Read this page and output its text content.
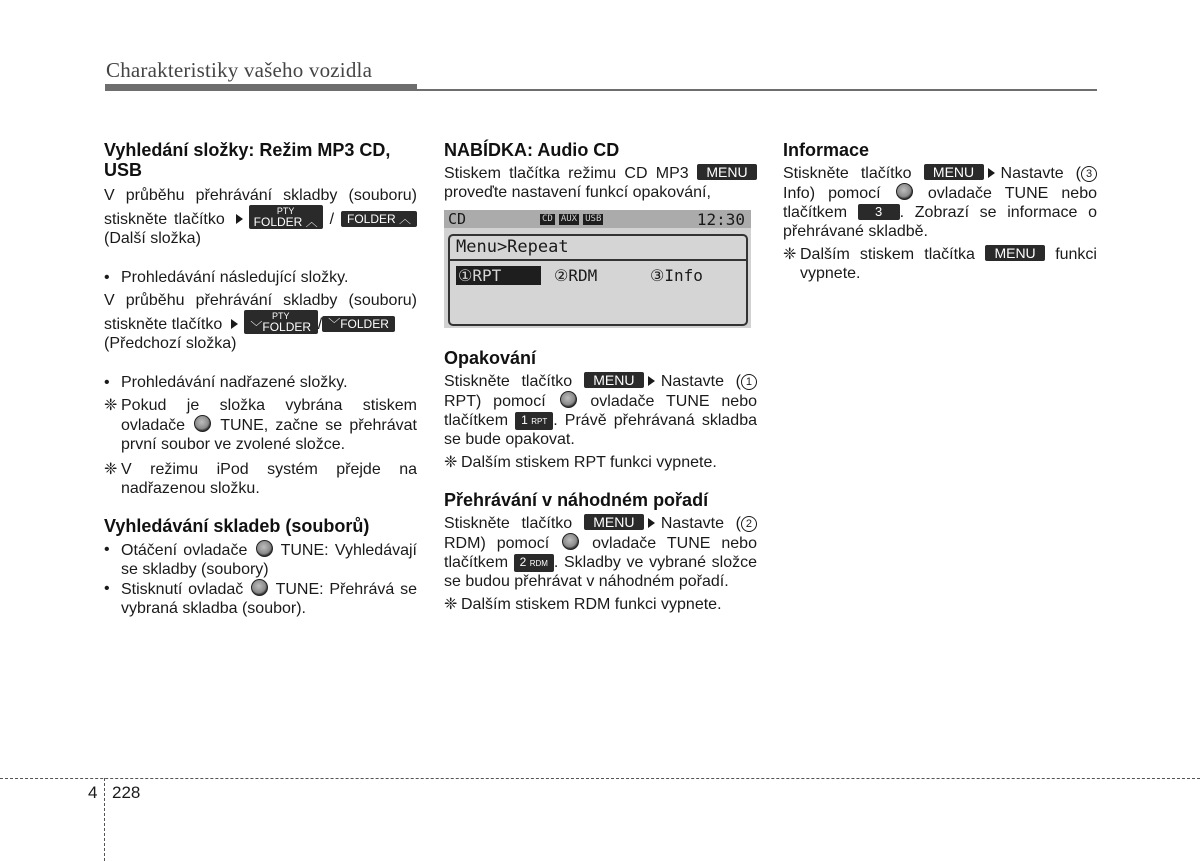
Charakteristiky vašeho vozidla
Vyhledání složky: Režim MP3 CD, USB

V průběhu přehrávání skladby (souboru) stiskněte tlačítko	PTY
FOLDER ︿ / FOLDER ︿ (Další složka)

• Prohledávání následující složky.

V průběhu přehrávání skladby (souboru) stiskněte tlačítko	PTY
﹀FOLDER / ﹀FOLDER
(Předchozí složka)

• Prohledávání nadřazené složky.
❈ Pokud je složka vybrána stiskem ovladače TUNE, začne se přehrávat první soubor ve zvolené složce.
❈ V režimu iPod systém přejde na nadřazenou složku.
Vyhledávání skladeb (souborů)
• Otáčení ovladače TUNE: Vyhledávají se skladby (soubory)
• Stisknutí ovladač TUNE: Přehrává se vybraná skladba (soubor).
NABÍDKA: Audio CD

Stiskem tlačítka režimu CD MP3 MENU proveďte nastavení funkcí opakování,

CD	CD AUX USB	12:30
Menu>Repeat
①RPT	②RDM	③Info
Opakování

Stiskněte tlačítko MENU Nastavte ( 1RPT) pomocí	ovladače TUNE nebo tlačítkem 1 RPT . Právě přehrávaná skladba se bude opakovat.

❈ Dalším stiskem RPT funkci vypnete.
Přehrávání v náhodném pořadí

Stiskněte tlačítko MENU Nastavte ( 2RDM) pomocí	ovladače TUNE nebo tlačítkem 2 RDM . Skladby ve vybrané složce se budou přehrávat v náhodném pořadí.

❈ Dalším stiskem RDM funkci vypnete.
Informace

Stiskněte tlačítko MENU Nastavte ( 3Info) pomocí	ovladače TUNE nebo tlačítkem 3 . Zobrazí se informace o přehrávané skladbě.

❈ Dalším stiskem tlačítka MENU funkci vypnete.
4 228
